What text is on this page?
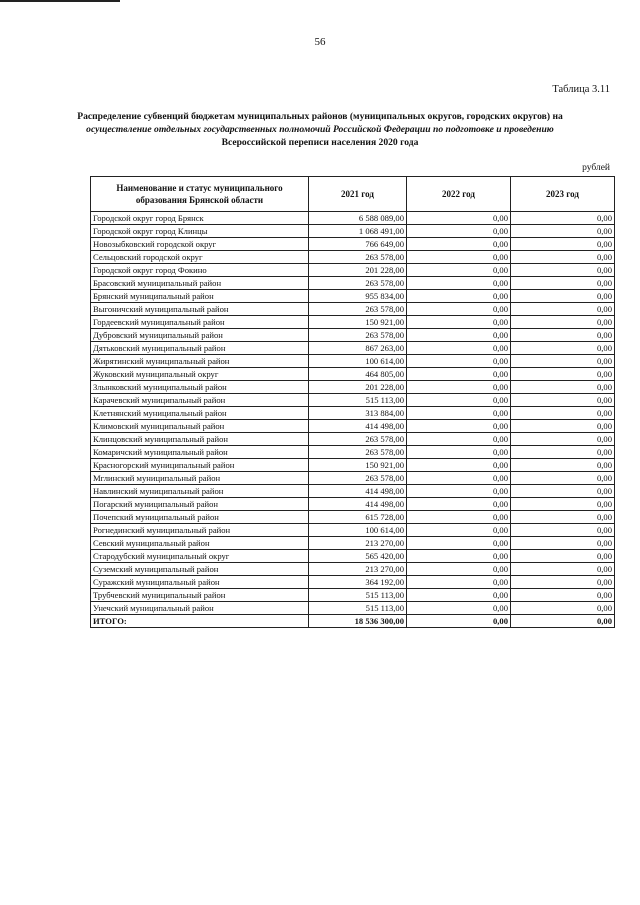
56
Таблица 3.11
Распределение субвенций бюджетам муниципальных районов (муниципальных округов, городских округов) на
осуществление отдельных государственных полномочий Российской Федерации по подготовке и проведению
Всероссийской переписи населения 2020 года
рублей
Наименование и статус муниципального образования Брянской области	2021 год	2022 год	2023 год
Городской округ город Брянск	6 588 089,00	0,00	0,00
Городской округ город Клинцы	1 068 491,00	0,00	0,00
Новозыбковский городской округ	766 649,00	0,00	0,00
Сельцовский городской округ	263 578,00	0,00	0,00
Городской округ город Фокино	201 228,00	0,00	0,00
Брасовский муниципальный район	263 578,00	0,00	0,00
Брянский муниципальный район	955 834,00	0,00	0,00
Выгоничский муниципальный район	263 578,00	0,00	0,00
Гордеевский муниципальный район	150 921,00	0,00	0,00
Дубровский муниципальный район	263 578,00	0,00	0,00
Дятьковский муниципальный район	867 263,00	0,00	0,00
Жирятинский муниципальный район	100 614,00	0,00	0,00
Жуковский муниципальный округ	464 805,00	0,00	0,00
Злынковский муниципальный район	201 228,00	0,00	0,00
Карачевский муниципальный район	515 113,00	0,00	0,00
Клетнянский муниципальный район	313 884,00	0,00	0,00
Климовский муниципальный район	414 498,00	0,00	0,00
Клинцовский муниципальный район	263 578,00	0,00	0,00
Комаричский муниципальный район	263 578,00	0,00	0,00
Красногорский муниципальный район	150 921,00	0,00	0,00
Мглинский муниципальный район	263 578,00	0,00	0,00
Навлинский муниципальный район	414 498,00	0,00	0,00
Погарский муниципальный район	414 498,00	0,00	0,00
Почепский муниципальный район	615 728,00	0,00	0,00
Рогнединский муниципальный район	100 614,00	0,00	0,00
Севский муниципальный район	213 270,00	0,00	0,00
Стародубский муниципальный округ	565 420,00	0,00	0,00
Суземский муниципальный район	213 270,00	0,00	0,00
Суражский муниципальный район	364 192,00	0,00	0,00
Трубчевский муниципальный район	515 113,00	0,00	0,00
Унечский муниципальный район	515 113,00	0,00	0,00
ИТОГО:	18 536 300,00	0,00	0,00
